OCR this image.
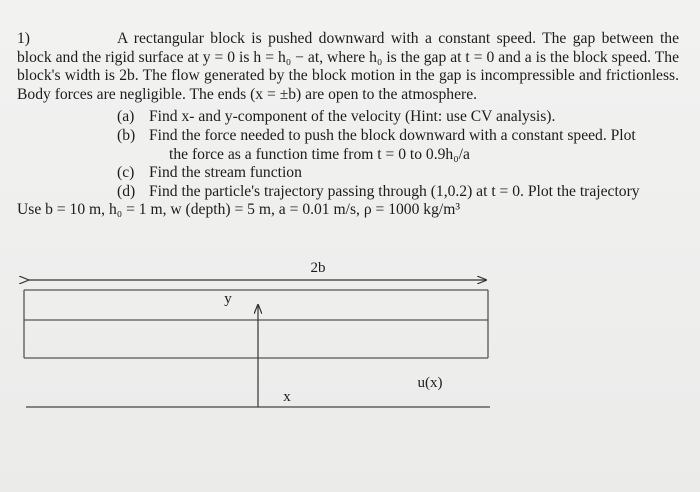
1)	A rectangular block is pushed downward with a constant speed. The gap between the block and the rigid surface at y = 0 is h = h₀ − at, where h₀ is the gap at t = 0 and a is the block speed. The block's width is 2b. The flow generated by the block motion in the gap is incompressible and frictionless. Body forces are negligible. The ends (x = ±b) are open to the atmosphere.

(a) Find x- and y-component of the velocity (Hint: use CV analysis).
(b) Find the force needed to push the block downward with a constant speed. Plot
the force as a function time from t = 0 to 0.9h₀/a
(c) Find the stream function
(d) Find the particle's trajectory passing through (1,0.2) at t = 0. Plot the trajectory

Use b = 10 m, h₀ = 1 m, w (depth) = 5 m, a = 0.01 m/s, ρ = 1000 kg/m³

2b
y
x
u(x)
